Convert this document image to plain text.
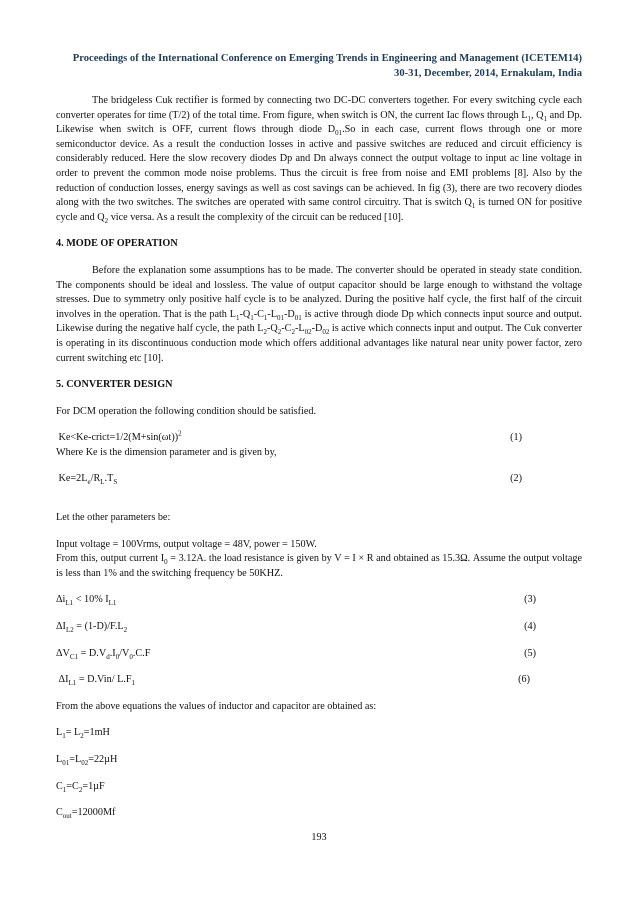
Proceedings of the International Conference on Emerging Trends in Engineering and Management (ICETEM14)
30-31, December, 2014, Ernakulam, India

The bridgeless Cuk rectifier is formed by connecting two DC-DC converters together. For every switching cycle each converter operates for time (T/2) of the total time. From figure, when switch is ON, the current Iac flows through $L_1$, $Q_1$ and Dp. Likewise when switch is OFF, current flows through diode $D_{01}.So$ in each case, current flows through one or more semiconductor device. As a result the conduction losses in active and passive switches are reduced and circuit efficiency is considerably reduced. Here the slow recovery diodes Dp and Dn always connect the output voltage to input ac line voltage in order to prevent the common mode noise problems. Thus the circuit is free from noise and EMI problems [8]. Also by the reduction of conduction losses, energy savings as well as cost savings can be achieved. In fig (3), there are two recovery diodes along with the two switches. The switches are operated with same control circuitry. That is switch $Q_1$ is turned ON for positive cycle and $Q_2$ vice versa. As a result the complexity of the circuit can be reduced [10].

4. MODE OF OPERATION

Before the explanation some assumptions has to be made. The converter should be operated in steady state condition. The components should be ideal and lossless. The value of output capacitor should be large enough to withstand the voltage stresses. Due to symmetry only positive half cycle is to be analyzed. During the positive half cycle, the first half of the circuit involves in the operation. That is the path $L_1-Q_1-C_1-L_{01}-D_{01}$ is active through diode Dp which connects input source and output. Likewise during the negative half cycle, the path $L_2-Q_2-C_2-L_{02}-D_{02}$ is active which connects input and output. The Cuk converter is operating in its discontinuous conduction mode which offers additional advantages like natural near unity power factor, zero current switching etc [10].

5. CONVERTER DESIGN

For DCM operation the following condition should be satisfied.

$Ke<Ke-crict=1/2(M+\sin(\omega t))^2$	(1)

Where Ke is the dimension parameter and is given by,

$Ke=2L_e/R_L.T_S$	(2)

Let the other parameters be:

Input voltage = 100Vrms, output voltage = 48V, power = 150W.

From this, output current $I_0 = 3.12A$. the load resistance is given by V = I × R and obtained as 15.3Ω. Assume the output voltage is less than 1% and the switching frequency be 50KHZ.

$\Delta i_{L1} < 10\%$ $I_{L1}$	(3)
$\Delta I_{L2} = (1-D)/F.L_2$	(4)
$\Delta V_{C1} = D.V_d.I_0/V_0.C.F$	(5)
$\Delta I_{L1} = D.Vin/$ $L.F_1$	(6)

From the above equations the values of inductor and capacitor are obtained as:

$L_1= L_2=1mH$

$L_{01}=L_{02}=22\mu H$

$C_1=C_2=1\mu F$

$C_{out}=12000Mf$

193
